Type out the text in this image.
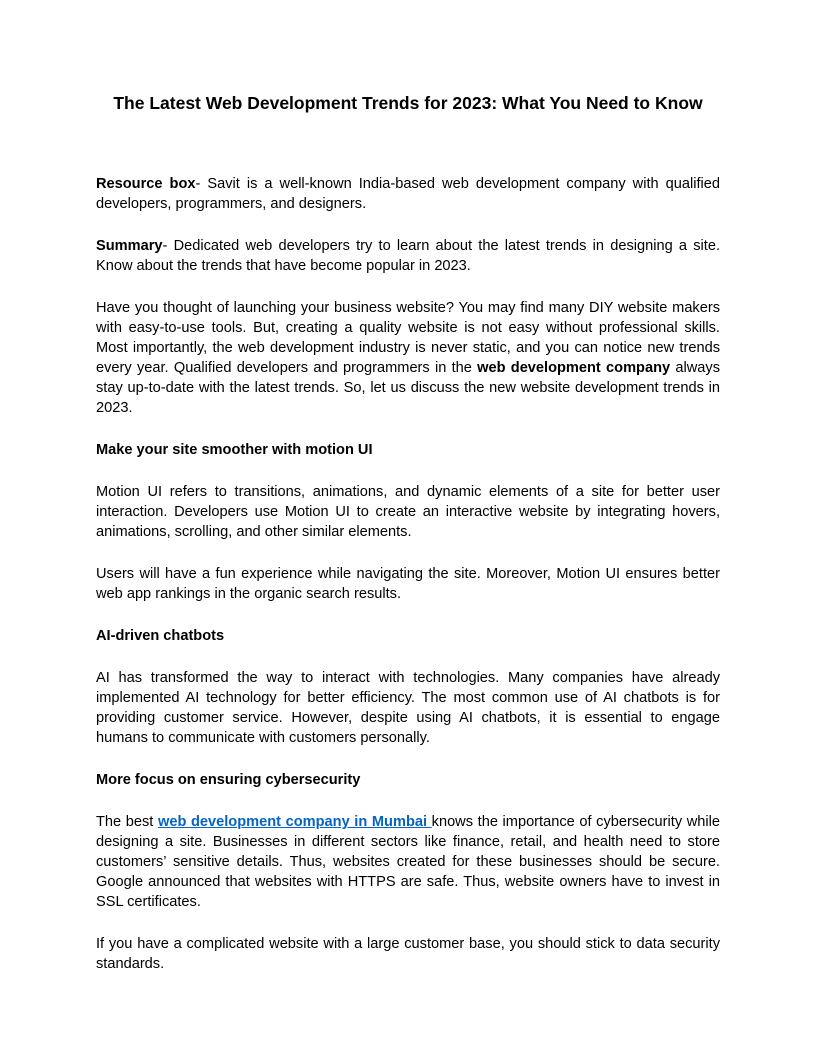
The Latest Web Development Trends for 2023: What You Need to Know

Resource box- Savit is a well-known India-based web development company with qualified developers, programmers, and designers.

Summary- Dedicated web developers try to learn about the latest trends in designing a site. Know about the trends that have become popular in 2023.

Have you thought of launching your business website? You may find many DIY website makers with easy-to-use tools. But, creating a quality website is not easy without professional skills. Most importantly, the web development industry is never static, and you can notice new trends every year. Qualified developers and programmers in the web development company always stay up-to-date with the latest trends. So, let us discuss the new website development trends in 2023.

Make your site smoother with motion UI

Motion UI refers to transitions, animations, and dynamic elements of a site for better user interaction. Developers use Motion UI to create an interactive website by integrating hovers, animations, scrolling, and other similar elements.

Users will have a fun experience while navigating the site. Moreover, Motion UI ensures better web app rankings in the organic search results.

AI-driven chatbots

AI has transformed the way to interact with technologies. Many companies have already implemented AI technology for better efficiency. The most common use of AI chatbots is for providing customer service. However, despite using AI chatbots, it is essential to engage humans to communicate with customers personally.

More focus on ensuring cybersecurity

The best web development company in Mumbai knows the importance of cybersecurity while designing a site. Businesses in different sectors like finance, retail, and health need to store customers’ sensitive details. Thus, websites created for these businesses should be secure. Google announced that websites with HTTPS are safe. Thus, website owners have to invest in SSL certificates.

If you have a complicated website with a large customer base, you should stick to data security standards.
